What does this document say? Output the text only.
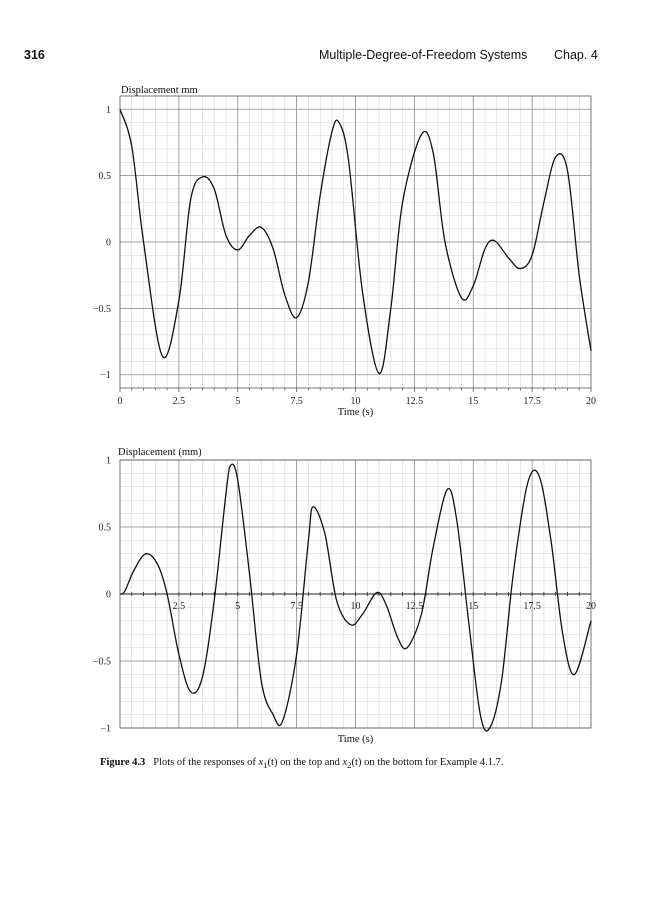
316	Multiple-Degree-of-Freedom Systems Chap. 4
1
0.5
0
−0.5
−1
0	2.5	5	7.5	10	12.5	15	17.5	20
Displacement mm
Time (s)
1
0.5
0
−0.5
−1
2.5	5	7.5	10	12.5	15	17.5	20
Displacement (mm)
Time (s)
Figure 4.3 Plots of the responses of $x_1(t)$ on the top and $x_2(t)$ on the bottom for Example 4.1.7.
